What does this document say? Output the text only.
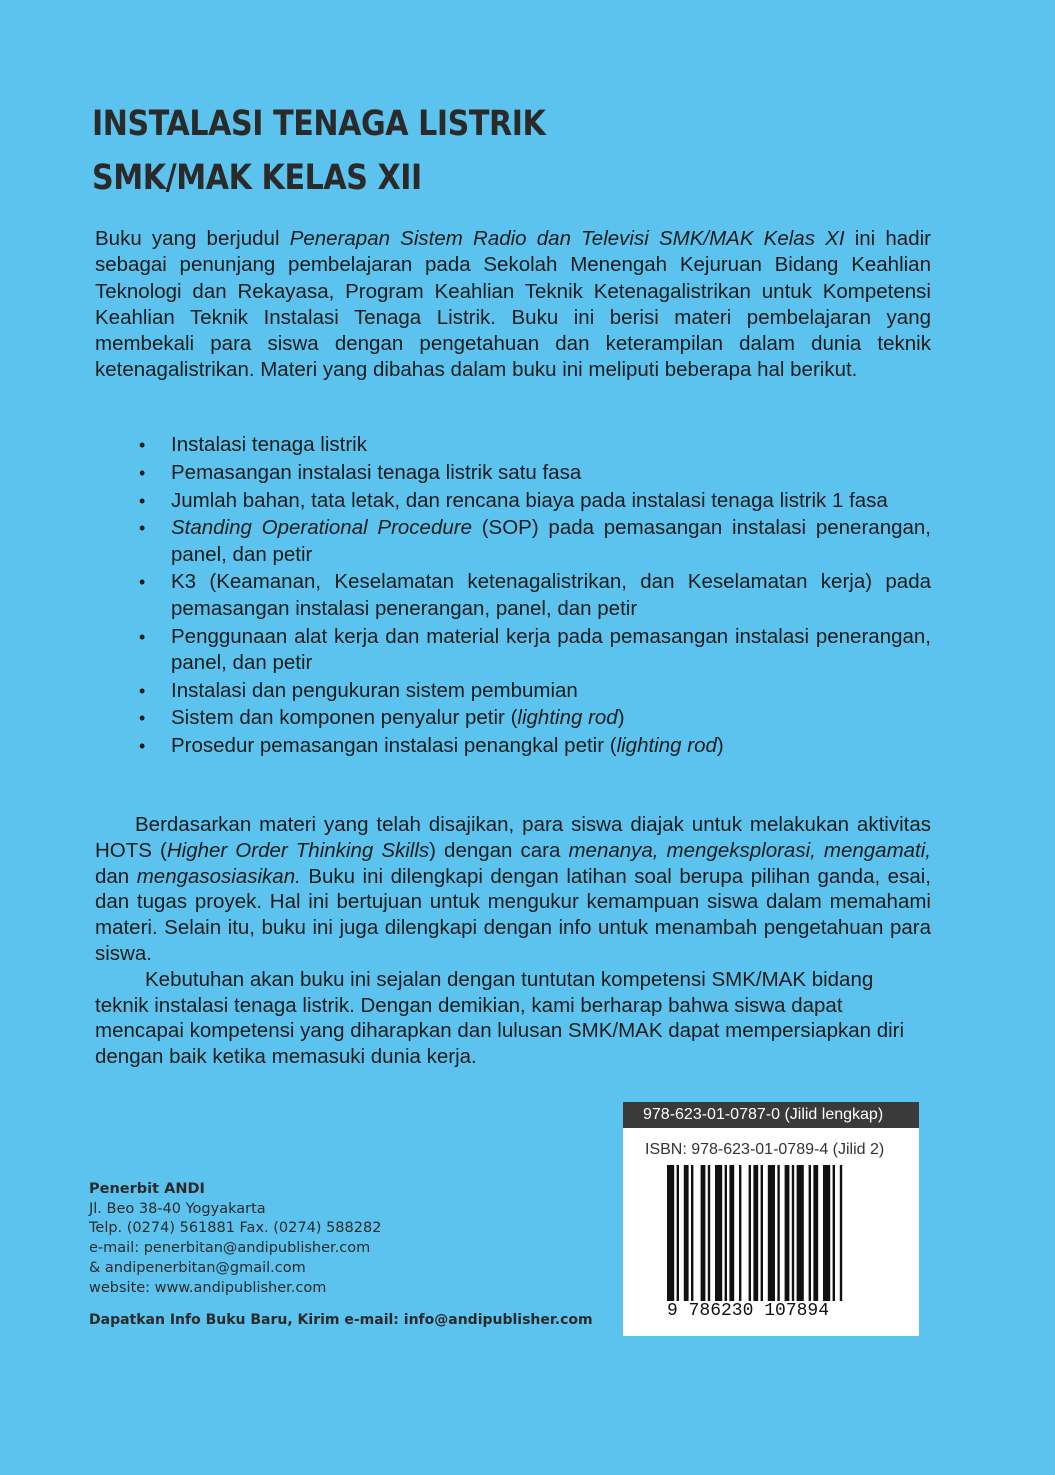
INSTALASI TENAGA LISTRIK
SMK/MAK KELAS XII

Buku yang berjudul Penerapan Sistem Radio dan Televisi SMK/MAK Kelas XI ini hadir sebagai penunjang pembelajaran pada Sekolah Menengah Kejuruan Bidang Keahlian Teknologi dan Rekayasa, Program Keahlian Teknik Ketenagalistrikan untuk Kompetensi Keahlian Teknik Instalasi Tenaga Listrik. Buku ini berisi materi pembelajaran yang membekali para siswa dengan pengetahuan dan keterampilan dalam dunia teknik ketenagalistrikan. Materi yang dibahas dalam buku ini meliputi beberapa hal berikut.

• Instalasi tenaga listrik
• Pemasangan instalasi tenaga listrik satu fasa
• Jumlah bahan, tata letak, dan rencana biaya pada instalasi tenaga listrik 1 fasa
• Standing Operational Procedure (SOP) pada pemasangan instalasi penerangan, panel, dan petir
• K3 (Keamanan, Keselamatan ketenagalistrikan, dan Keselamatan kerja) pada pemasangan instalasi penerangan, panel, dan petir
• Penggunaan alat kerja dan material kerja pada pemasangan instalasi penerangan, panel, dan petir
• Instalasi dan pengukuran sistem pembumian
• Sistem dan komponen penyalur petir (lighting rod)
• Prosedur pemasangan instalasi penangkal petir (lighting rod)

Berdasarkan materi yang telah disajikan, para siswa diajak untuk melakukan aktivitas HOTS (Higher Order Thinking Skills) dengan cara menanya, mengeksplorasi, mengamati, dan mengasosiasikan. Buku ini dilengkapi dengan latihan soal berupa pilihan ganda, esai, dan tugas proyek. Hal ini bertujuan untuk mengukur kemampuan siswa dalam memahami materi. Selain itu, buku ini juga dilengkapi dengan info untuk menambah pengetahuan para siswa.

Kebutuhan akan buku ini sejalan dengan tuntutan kompetensi SMK/MAK bidang teknik instalasi tenaga listrik. Dengan demikian, kami berharap bahwa siswa dapat mencapai kompetensi yang diharapkan dan lulusan SMK/MAK dapat mempersiapkan diri dengan baik ketika memasuki dunia kerja.

Penerbit ANDI
Jl. Beo 38-40 Yogyakarta
Telp. (0274) 561881 Fax. (0274) 588282
e-mail: penerbitan@andipublisher.com
& andipenerbitan@gmail.com
website: www.andipublisher.com
Dapatkan Info Buku Baru, Kirim e-mail: info@andipublisher.com
978-623-01-0787-0 (Jilid lengkap)
ISBN: 978-623-01-0789-4 (Jilid 2)
9 786230 107894
